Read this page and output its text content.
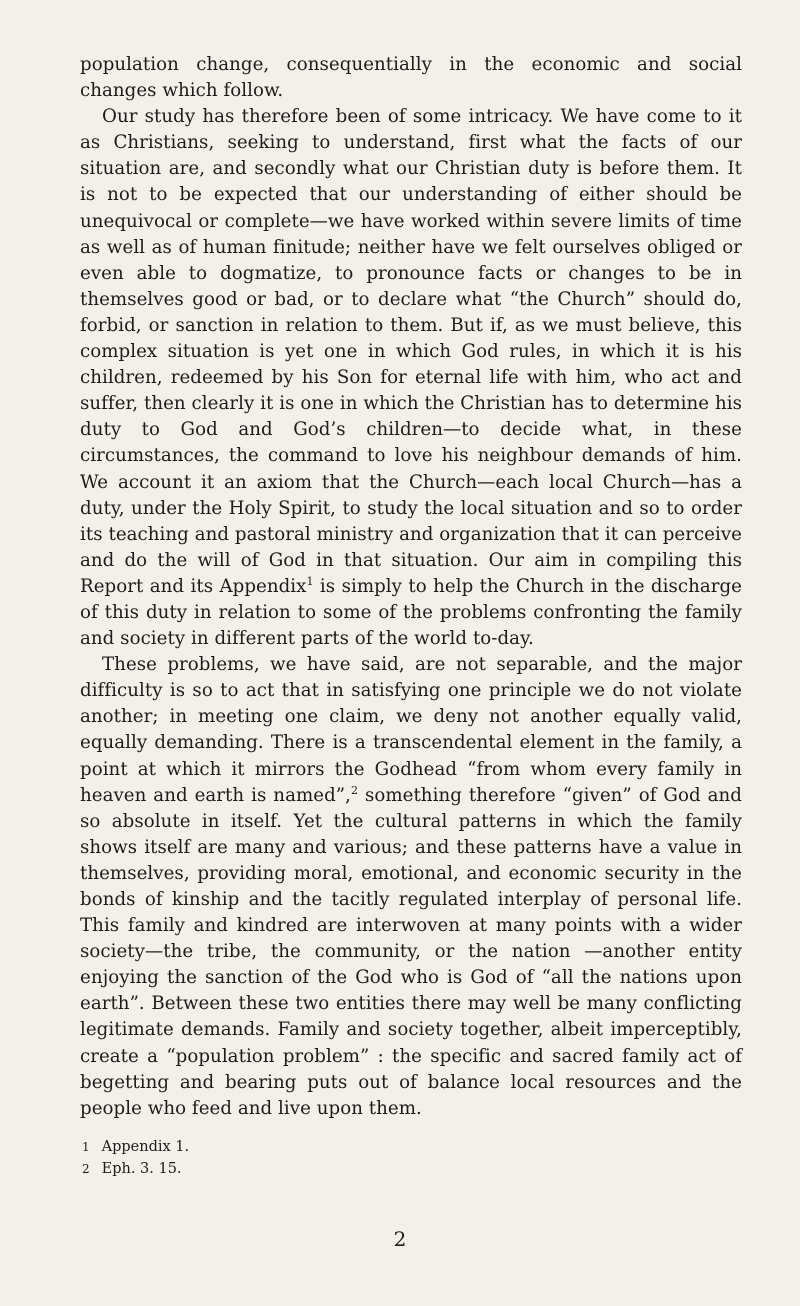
population change, consequentially in the economic and social changes which follow.

Our study has therefore been of some intricacy. We have come to it as Christians, seeking to understand, first what the facts of our situation are, and secondly what our Christian duty is before them. It is not to be expected that our understanding of either should be unequivocal or complete—we have worked within severe limits of time as well as of human finitude; neither have we felt ourselves obliged or even able to dogmatize, to pronounce facts or changes to be in themselves good or bad, or to declare what “the Church” should do, forbid, or sanction in relation to them. But if, as we must believe, this complex situation is yet one in which God rules, in which it is his children, redeemed by his Son for eternal life with him, who act and suffer, then clearly it is one in which the Christian has to determine his duty to God and God’s children—to decide what, in these circumstances, the command to love his neighbour demands of him. We account it an axiom that the Church—each local Church—has a duty, under the Holy Spirit, to study the local situation and so to order its teaching and pastoral ministry and organization that it can perceive and do the will of God in that situation. Our aim in compiling this Report and its Appendix$^1$ is simply to help the Church in the discharge of this duty in relation to some of the problems confronting the family and society in different parts of the world to-day.

These problems, we have said, are not separable, and the major difficulty is so to act that in satisfying one principle we do not violate another; in meeting one claim, we deny not another equally valid, equally demanding. There is a transcendental element in the family, a point at which it mirrors the Godhead “from whom every family in heaven and earth is named”,$^2$ something therefore “given” of God and so absolute in itself. Yet the cultural patterns in which the family shows itself are many and various; and these patterns have a value in themselves, providing moral, emotional, and economic security in the bonds of kinship and the tacitly regulated interplay of personal life. This family and kindred are interwoven at many points with a wider society—the tribe, the community, or the nation —another entity enjoying the sanction of the God who is God of “all the nations upon earth”. Between these two entities there may well be many conflicting legitimate demands. Family and society together, albeit imperceptibly, create a “population problem” : the specific and sacred family act of begetting and bearing puts out of balance local resources and the people who feed and live upon them.

1 Appendix 1.
2 Eph. 3. 15.
2
